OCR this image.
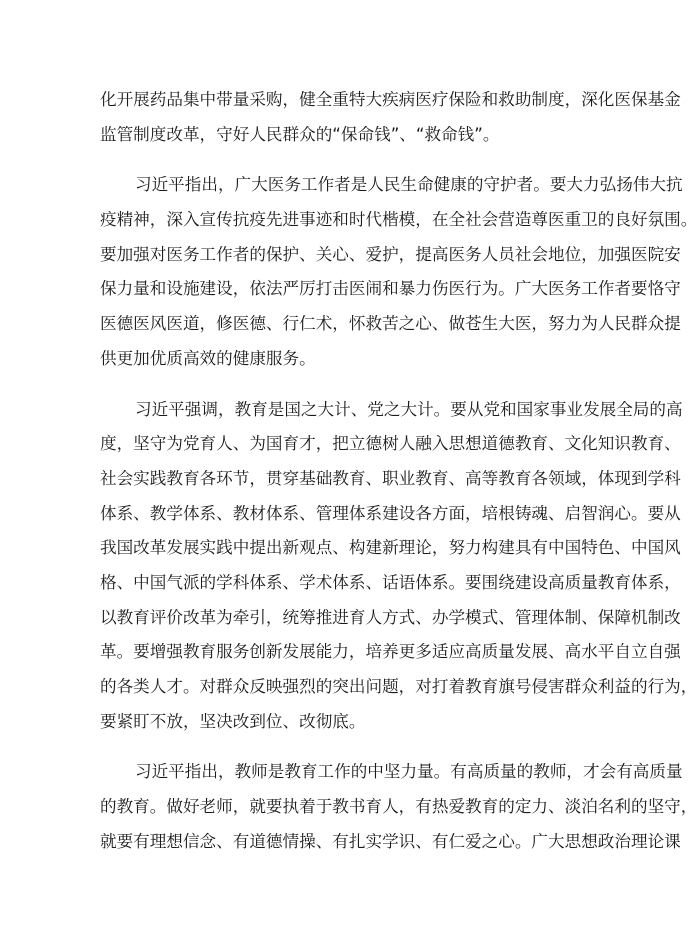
化开展药品集中带量采购，健全重特大疾病医疗保险和救助制度，深化医保基金
监管制度改革，守好人民群众的“保命钱”、“救命钱”。
习近平指出，广大医务工作者是人民生命健康的守护者。要大力弘扬伟大抗
疫精神，深入宣传抗疫先进事迹和时代楷模，在全社会营造尊医重卫的良好氛围。
要加强对医务工作者的保护、关心、爱护，提高医务人员社会地位，加强医院安
保力量和设施建设，依法严厉打击医闹和暴力伤医行为。广大医务工作者要恪守
医德医风医道，修医德、行仁术，怀救苦之心、做苍生大医，努力为人民群众提
供更加优质高效的健康服务。
习近平强调，教育是国之大计、党之大计。要从党和国家事业发展全局的高
度，坚守为党育人、为国育才，把立德树人融入思想道德教育、文化知识教育、
社会实践教育各环节，贯穿基础教育、职业教育、高等教育各领域，体现到学科
体系、教学体系、教材体系、管理体系建设各方面，培根铸魂、启智润心。要从
我国改革发展实践中提出新观点、构建新理论，努力构建具有中国特色、中国风
格、中国气派的学科体系、学术体系、话语体系。要围绕建设高质量教育体系，
以教育评价改革为牵引，统筹推进育人方式、办学模式、管理体制、保障机制改
革。要增强教育服务创新发展能力，培养更多适应高质量发展、高水平自立自强
的各类人才。对群众反映强烈的突出问题，对打着教育旗号侵害群众利益的行为，
要紧盯不放，坚决改到位、改彻底。
习近平指出，教师是教育工作的中坚力量。有高质量的教师，才会有高质量
的教育。做好老师，就要执着于教书育人，有热爱教育的定力、淡泊名利的坚守，
就要有理想信念、有道德情操、有扎实学识、有仁爱之心。广大思想政治理论课
